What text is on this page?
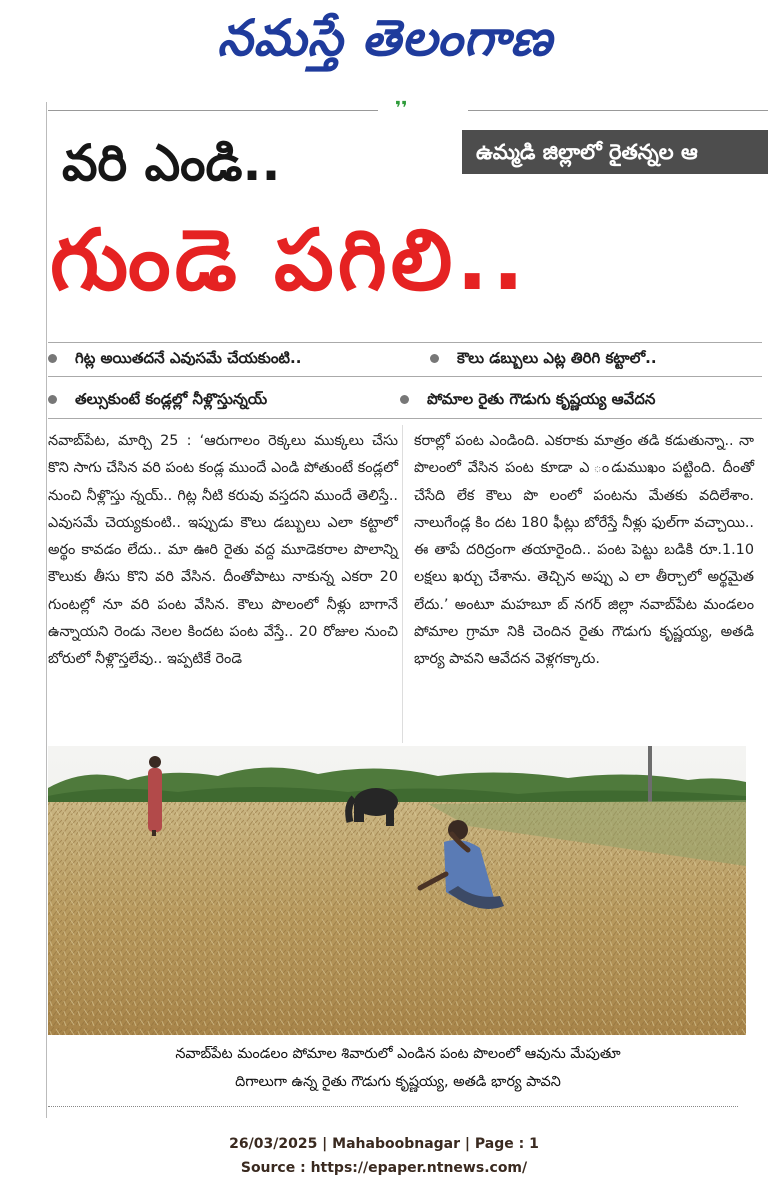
నమస్తే తెలంగాణ
❜❜
ఉమ్మడి జిల్లాలో రైతన్నల ఆ
వరి ఎండి..
గుండె పగిలి..
గిట్ల అయితదనే ఎవుసమే చేయకుంటి..	కౌలు డబ్బులు ఎట్ల తిరిగి కట్టాలో..
తల్సుకుంటే కండ్లల్లో నీళ్లొస్తున్నయ్	పోమాల రైతు గౌడుగు కృష్ణయ్య ఆవేదన
నవాబ్‌పేట, మార్చి 25 : ‘ఆరుగాలం రెక్కలు ముక్కలు చేసు కొని సాగు చేసిన వరి పంట కండ్ల ముందే ఎండి పోతుంటే కండ్లలో నుంచి నీళ్లొస్తు న్నయ్.. గిట్ల నీటి కరువు వస్తదని ముందే తెలిస్తే.. ఎవుసమే చెయ్యకుంటి.. ఇప్పుడు కౌలు డబ్బులు ఎలా కట్టాలో అర్థం కావడం లేదు.. మా ఊరి రైతు వద్ద మూడెకరాల పొలాన్ని కౌలుకు తీసు కొని వరి వేసిన. దీంతోపాటు నాకున్న ఎకరా 20 గుంటల్లో నూ వరి పంట వేసిన. కౌలు పొలంలో నీళ్లు బాగానే ఉన్నాయని రెండు నెలల కిందట పంట వేస్తే.. 20 రోజుల నుంచి బోరులో నీళ్లొస్తలేవు.. ఇప్పటికే రెండె
కరాల్లో పంట ఎండింది. ఎకరాకు మాత్రం తడి కడుతున్నా.. నా పొలంలో వేసిన పంట కూడా ఎ ండుముఖం పట్టింది. దీంతో చేసేది లేక కౌలు పొ లంలో పంటను మేతకు వదిలేశాం. నాలుగేండ్ల కిం దట 180 ఫీట్లు బోరేస్తే నీళ్లు ఫుల్‌గా వచ్చాయి.. ఈ తాపే దరిద్రంగా తయారైంది.. పంట పెట్టు బడికి రూ.1.10 లక్షలు ఖర్చు చేశాను. తెచ్చిన అప్పు ఎ లా తీర్చాలో అర్థమైత లేదు.’ అంటూ మహబూ బ్‌ నగర్ జిల్లా నవాబ్‌పేట మండలం పోమాల గ్రామా నికి చెందిన రైతు గౌడుగు కృష్ణయ్య, అతడి భార్య పావని ఆవేదన వెళ్లగక్కారు.
నవాబ్‌పేట మండలం పోమాల శివారులో ఎండిన పంట పొలంలో ఆవును మేపుతూ
దిగాలుగా ఉన్న రైతు గౌడుగు కృష్ణయ్య, అతడి భార్య పావని
26/03/2025 | Mahaboobnagar | Page : 1
Source : https://epaper.ntnews.com/
